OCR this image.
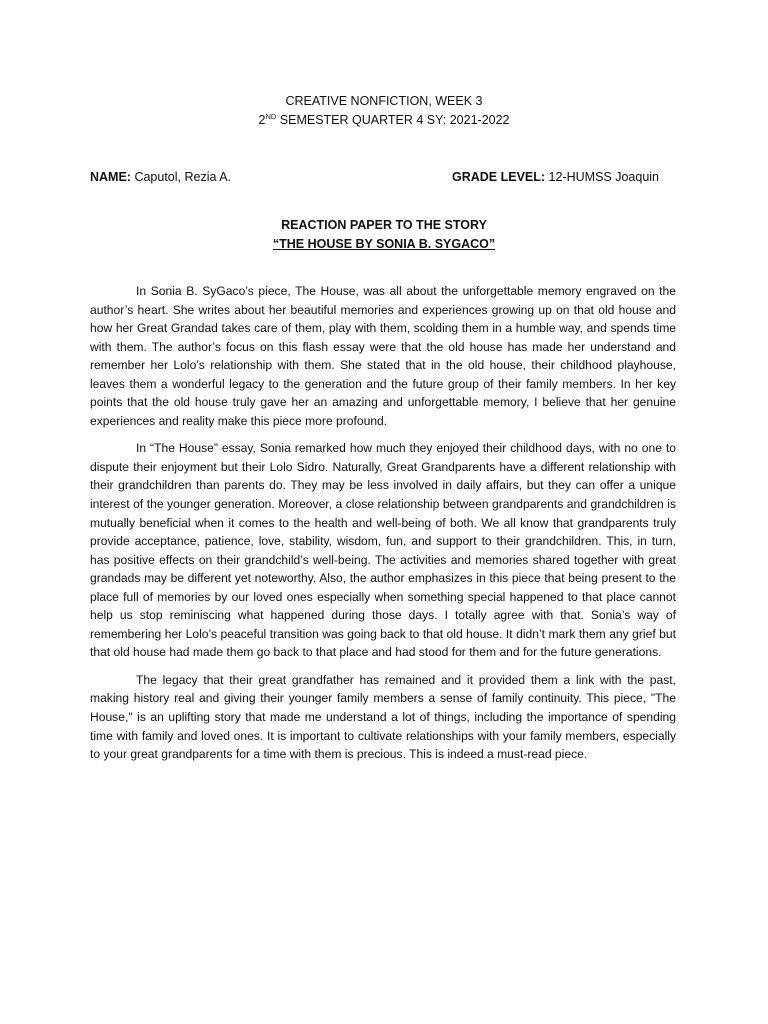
CREATIVE NONFICTION, WEEK 3
2ND SEMESTER QUARTER 4 SY: 2021-2022
NAME: Caputol, Rezia A.	GRADE LEVEL: 12-HUMSS Joaquin
REACTION PAPER TO THE STORY
“THE HOUSE BY SONIA B. SYGACO”

In Sonia B. SyGaco’s piece, The House, was all about the unforgettable memory engraved on the author’s heart. She writes about her beautiful memories and experiences growing up on that old house and how her Great Grandad takes care of them, play with them, scolding them in a humble way, and spends time with them. The author’s focus on this flash essay were that the old house has made her understand and remember her Lolo’s relationship with them. She stated that in the old house, their childhood playhouse, leaves them a wonderful legacy to the generation and the future group of their family members. In her key points that the old house truly gave her an amazing and unforgettable memory, I believe that her genuine experiences and reality make this piece more profound.

In “The House” essay, Sonia remarked how much they enjoyed their childhood days, with no one to dispute their enjoyment but their Lolo Sidro. Naturally, Great Grandparents have a different relationship with their grandchildren than parents do. They may be less involved in daily affairs, but they can offer a unique interest of the younger generation. Moreover, a close relationship between grandparents and grandchildren is mutually beneficial when it comes to the health and well-being of both. We all know that grandparents truly provide acceptance, patience, love, stability, wisdom, fun, and support to their grandchildren. This, in turn, has positive effects on their grandchild’s well-being. The activities and memories shared together with great grandads may be different yet noteworthy. Also, the author emphasizes in this piece that being present to the place full of memories by our loved ones especially when something special happened to that place cannot help us stop reminiscing what happened during those days. I totally agree with that. Sonia’s way of remembering her Lolo’s peaceful transition was going back to that old house. It didn’t mark them any grief but that old house had made them go back to that place and had stood for them and for the future generations.

The legacy that their great grandfather has remained and it provided them a link with the past, making history real and giving their younger family members a sense of family continuity. This piece, "The House," is an uplifting story that made me understand a lot of things, including the importance of spending time with family and loved ones. It is important to cultivate relationships with your family members, especially to your great grandparents for a time with them is precious. This is indeed a must-read piece.
